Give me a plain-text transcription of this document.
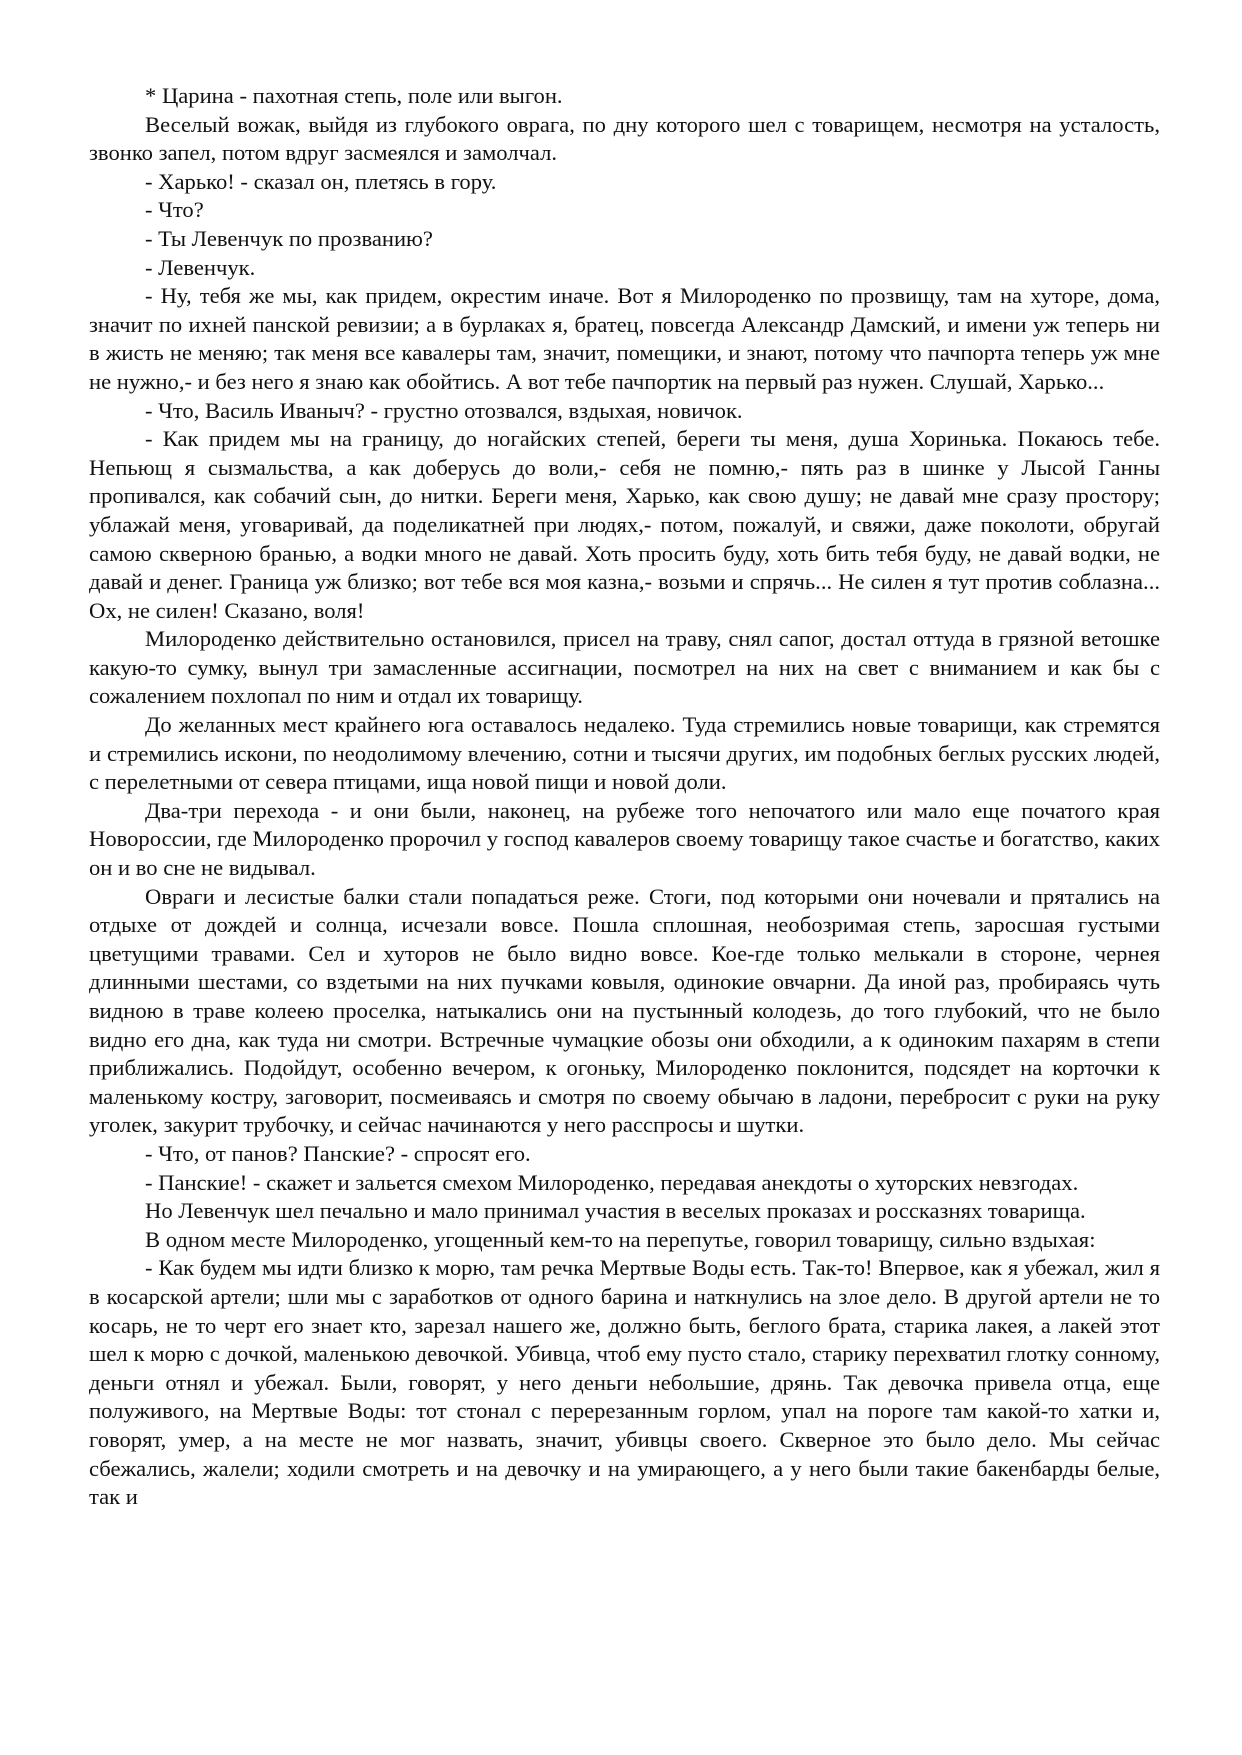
* Царина - пахотная степь, поле или выгон.

Веселый вожак, выйдя из глубокого оврага, по дну которого шел с товарищем, несмотря на усталость, звонко запел, потом вдруг засмеялся и замолчал.

- Харько! - сказал он, плетясь в гору.

- Что?

- Ты Левенчук по прозванию?

- Левенчук.

- Ну, тебя же мы, как придем, окрестим иначе. Вот я Милороденко по прозвищу, там на хуторе, дома, значит по ихней панской ревизии; а в бурлаках я, братец, повсегда Александр Дамский, и имени уж теперь ни в жисть не меняю; так меня все кавалеры там, значит, помещики, и знают, потому что пачпорта теперь уж мне не нужно,- и без него я знаю как обойтись. А вот тебе пачпортик на первый раз нужен. Слушай, Харько...

- Что, Василь Иваныч? - грустно отозвался, вздыхая, новичок.

- Как придем мы на границу, до ногайских степей, береги ты меня, душа Хоринька. Покаюсь тебе. Непьющ я сызмальства, а как доберусь до воли,- себя не помню,- пять раз в шинке у Лысой Ганны пропивался, как собачий сын, до нитки. Береги меня, Харько, как свою душу; не давай мне сразу простору; ублажай меня, уговаривай, да поделикатней при людях,- потом, пожалуй, и свяжи, даже поколоти, обругай самою скверною бранью, а водки много не давай. Хоть просить буду, хоть бить тебя буду, не давай водки, не давай и денег. Граница уж близко; вот тебе вся моя казна,- возьми и спрячь... Не силен я тут против соблазна... Ох, не силен! Сказано, воля!

Милороденко действительно остановился, присел на траву, снял сапог, достал оттуда в грязной ветошке какую-то сумку, вынул три замасленные ассигнации, посмотрел на них на свет с вниманием и как бы с сожалением похлопал по ним и отдал их товарищу.

До желанных мест крайнего юга оставалось недалеко. Туда стремились новые товарищи, как стремятся и стремились искони, по неодолимому влечению, сотни и тысячи других, им подобных беглых русских людей, с перелетными от севера птицами, ища новой пищи и новой доли.

Два-три перехода - и они были, наконец, на рубеже того непочатого или мало еще початого края Новороссии, где Милороденко пророчил у господ кавалеров своему товарищу такое счастье и богатство, каких он и во сне не видывал.

Овраги и лесистые балки стали попадаться реже. Стоги, под которыми они ночевали и прятались на отдыхе от дождей и солнца, исчезали вовсе. Пошла сплошная, необозримая степь, заросшая густыми цветущими травами. Сел и хуторов не было видно вовсе. Кое-где только мелькали в стороне, чернея длинными шестами, со вздетыми на них пучками ковыля, одинокие овчарни. Да иной раз, пробираясь чуть видною в траве колеею проселка, натыкались они на пустынный колодезь, до того глубокий, что не было видно его дна, как туда ни смотри. Встречные чумацкие обозы они обходили, а к одиноким пахарям в степи приближались. Подойдут, особенно вечером, к огоньку, Милороденко поклонится, подсядет на корточки к маленькому костру, заговорит, посмеиваясь и смотря по своему обычаю в ладони, перебросит с руки на руку уголек, закурит трубочку, и сейчас начинаются у него расспросы и шутки.

- Что, от панов? Панские? - спросят его.

- Панские! - скажет и зальется смехом Милороденко, передавая анекдоты о хуторских невзгодах.

Но Левенчук шел печально и мало принимал участия в веселых проказах и россказнях товарища.

В одном месте Милороденко, угощенный кем-то на перепутье, говорил товарищу, сильно вздыхая:

- Как будем мы идти близко к морю, там речка Мертвые Воды есть. Так-то! Впервое, как я убежал, жил я в косарской артели; шли мы с заработков от одного барина и наткнулись на злое дело. В другой артели не то косарь, не то черт его знает кто, зарезал нашего же, должно быть, беглого брата, старика лакея, а лакей этот шел к морю с дочкой, маленькою девочкой. Убивца, чтоб ему пусто стало, старику перехватил глотку сонному, деньги отнял и убежал. Были, говорят, у него деньги небольшие, дрянь. Так девочка привела отца, еще полуживого, на Мертвые Воды: тот стонал с перерезанным горлом, упал на пороге там какой-то хатки и, говорят, умер, а на месте не мог назвать, значит, убивцы своего. Скверное это было дело. Мы сейчас сбежались, жалели; ходили смотреть и на девочку и на умирающего, а у него были такие бакенбарды белые, так и
